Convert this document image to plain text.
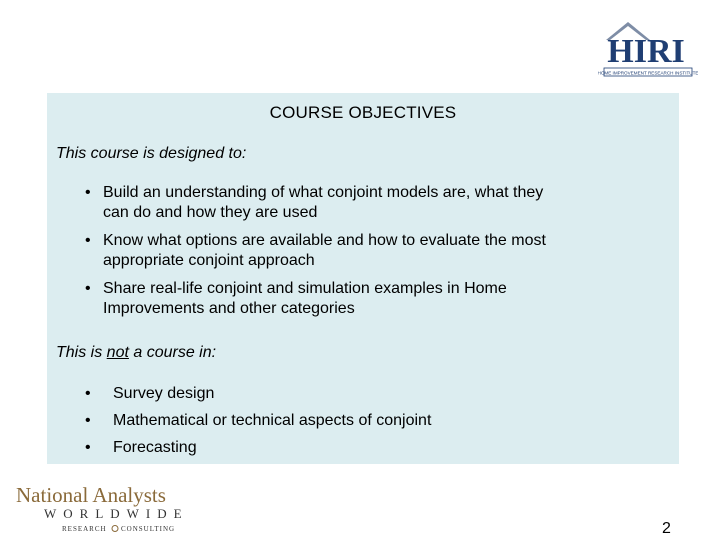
HIRI
HOME IMPROVEMENT RESEARCH INSTITUTE
COURSE OBJECTIVES
This course is designed to:
• Build an understanding of what conjoint models are, what they
can do and how they are used
• Know what options are available and how to evaluate the most
appropriate conjoint approach
• Share real-life conjoint and simulation examples in Home
Improvements and other categories
This is not a course in:
• Survey design
• Mathematical or technical aspects of conjoint
• Forecasting
National Analysts
WORLDWIDE
RESEARCH CONSULTING	2
